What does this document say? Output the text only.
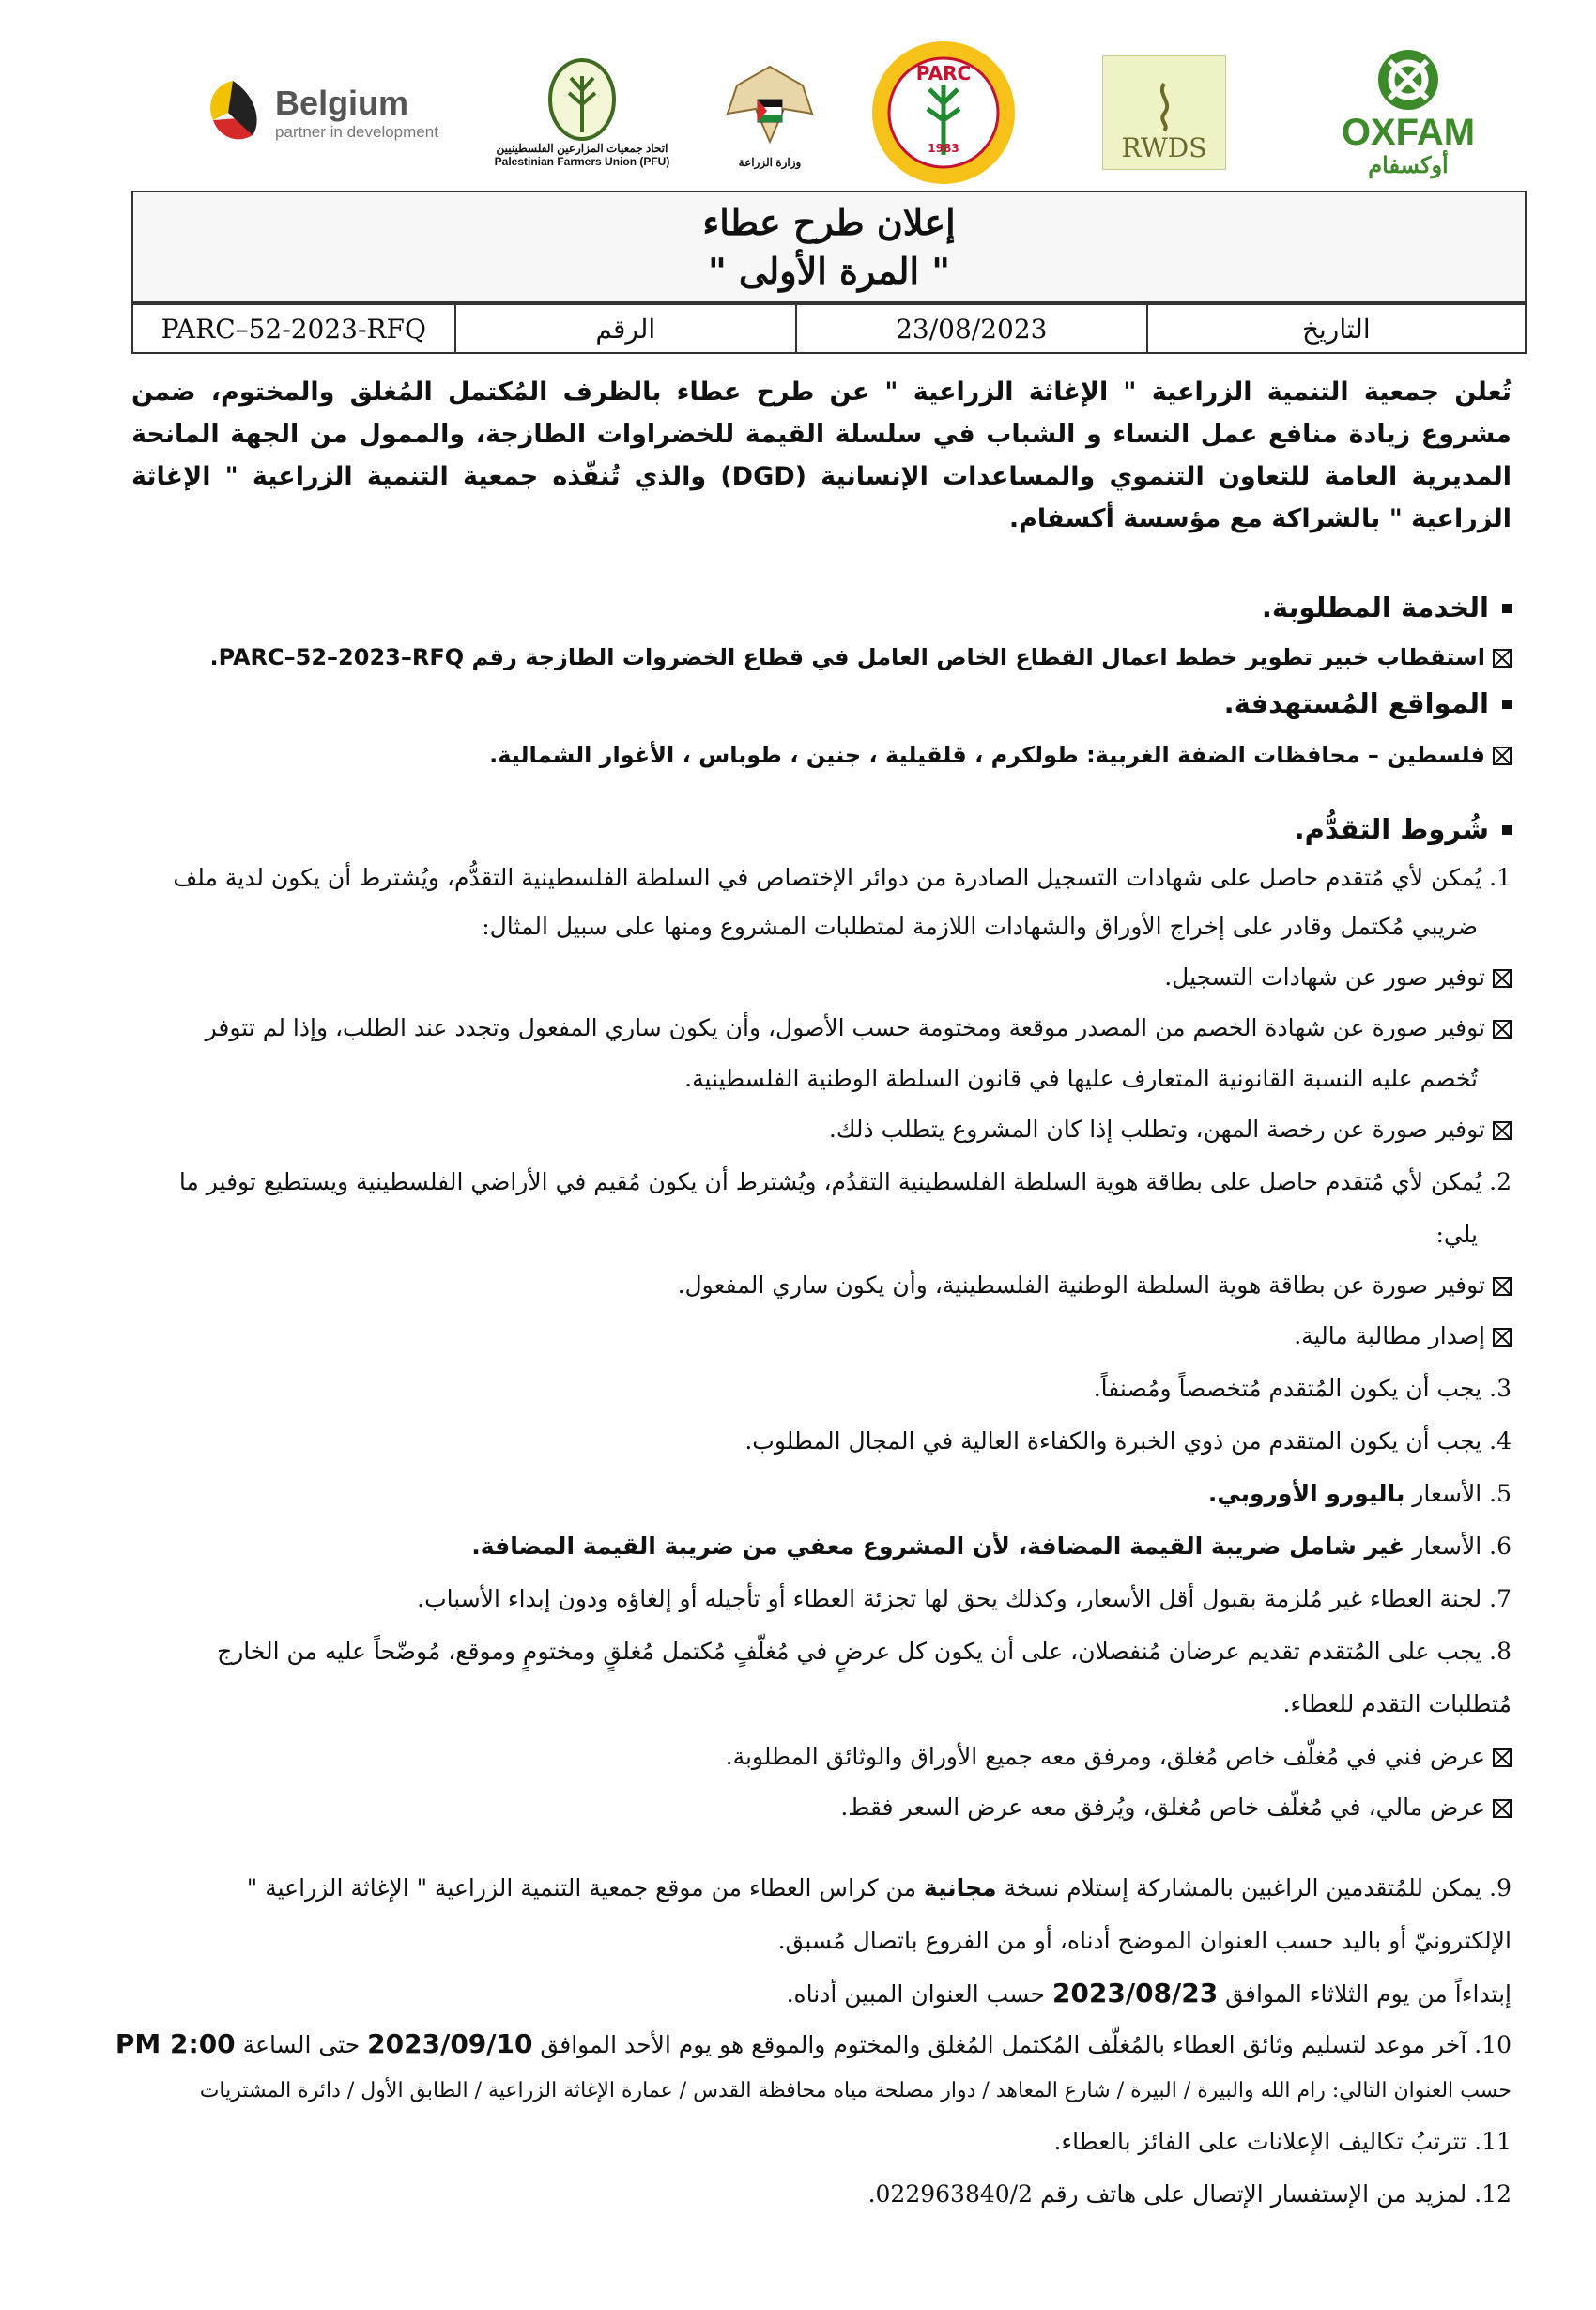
Belgium
partner in development
اتحاد جمعيات المزارعين الفلسطينيين
Palestinian Farmers Union (PFU)	وزارة الزراعة
PARC
1983	RWDS	OXFAM
أوكسفام
إعلان طرح عطاء
" المرة الأولى "
PARC–52-2023-RFQ	الرقم	23/08/2023	التاريخ
تُعلن جمعية التنمية الزراعية " الإغاثة الزراعية " عن طرح عطاء بالظرف المُكتمل المُغلق والمختوم، ضمن مشروع زيادة منافع عمل النساء و الشباب في سلسلة القيمة للخضراوات الطازجة، والممول من الجهة المانحة المديرية العامة للتعاون التنموي والمساعدات الإنسانية (DGD) والذي تُنفّذه جمعية التنمية الزراعية " الإغاثة الزراعية " بالشراكة مع مؤسسة أكسفام.
الخدمة المطلوبة.
استقطاب خبير تطوير خطط اعمال القطاع الخاص العامل في قطاع الخضروات الطازجة رقم PARC–52–2023–RFQ.
المواقع المُستهدفة.
فلسطين – محافظات الضفة الغربية: طولكرم ، قلقيلية ، جنين ، طوباس ، الأغوار الشمالية.
شُروط التقدُّم.
1. يُمكن لأي مُتقدم حاصل على شهادات التسجيل الصادرة من دوائر الإختصاص في السلطة الفلسطينية التقدُّم، ويُشترط أن يكون لدية ملف
ضريبي مُكتمل وقادر على إخراج الأوراق والشهادات اللازمة لمتطلبات المشروع ومنها على سبيل المثال:
توفير صور عن شهادات التسجيل.
توفير صورة عن شهادة الخصم من المصدر موقعة ومختومة حسب الأصول، وأن يكون ساري المفعول وتجدد عند الطلب، وإذا لم تتوفر
تُخصم عليه النسبة القانونية المتعارف عليها في قانون السلطة الوطنية الفلسطينية.
توفير صورة عن رخصة المهن، وتطلب إذا كان المشروع يتطلب ذلك.
2. يُمكن لأي مُتقدم حاصل على بطاقة هوية السلطة الفلسطينية التقدُم، ويُشترط أن يكون مُقيم في الأراضي الفلسطينية ويستطيع توفير ما
يلي:
توفير صورة عن بطاقة هوية السلطة الوطنية الفلسطينية، وأن يكون ساري المفعول.
إصدار مطالبة مالية.
3. يجب أن يكون المُتقدم مُتخصصاً ومُصنفاً.
4. يجب أن يكون المتقدم من ذوي الخبرة والكفاءة العالية في المجال المطلوب.
5. الأسعار باليورو الأوروبي.
6. الأسعار غير شامل ضريبة القيمة المضافة، لأن المشروع معفي من ضريبة القيمة المضافة.
7. لجنة العطاء غير مُلزمة بقبول أقل الأسعار، وكذلك يحق لها تجزئة العطاء أو تأجيله أو إلغاؤه ودون إبداء الأسباب.
8. يجب على المُتقدم تقديم عرضان مُنفصلان، على أن يكون كل عرضٍ في مُغلّفٍ مُكتمل مُغلقٍ ومختومٍ وموقع، مُوضّحاً عليه من الخارج
مُتطلبات التقدم للعطاء.
عرض فني في مُغلّف خاص مُغلق، ومرفق معه جميع الأوراق والوثائق المطلوبة.
عرض مالي، في مُغلّف خاص مُغلق، ويُرفق معه عرض السعر فقط.
9. يمكن للمُتقدمين الراغبين بالمشاركة إستلام نسخة مجانية من كراس العطاء من موقع جمعية التنمية الزراعية " الإغاثة الزراعية "
الإلكترونيّ أو باليد حسب العنوان الموضح أدناه، أو من الفروع باتصال مُسبق.
إبتداءاً من يوم الثلاثاء الموافق 2023/08/23 حسب العنوان المبين أدناه.
10. آخر موعد لتسليم وثائق العطاء بالمُغلّف المُكتمل المُغلق والمختوم والموقع هو يوم الأحد الموافق 2023/09/10 حتى الساعة 2:00 PM
حسب العنوان التالي: رام الله والبيرة / البيرة / شارع المعاهد / دوار مصلحة مياه محافظة القدس / عمارة الإغاثة الزراعية / الطابق الأول / دائرة المشتريات
11. تترتبُ تكاليف الإعلانات على الفائز بالعطاء.
12. لمزيد من الإستفسار الإتصال على هاتف رقم 022963840/2.
